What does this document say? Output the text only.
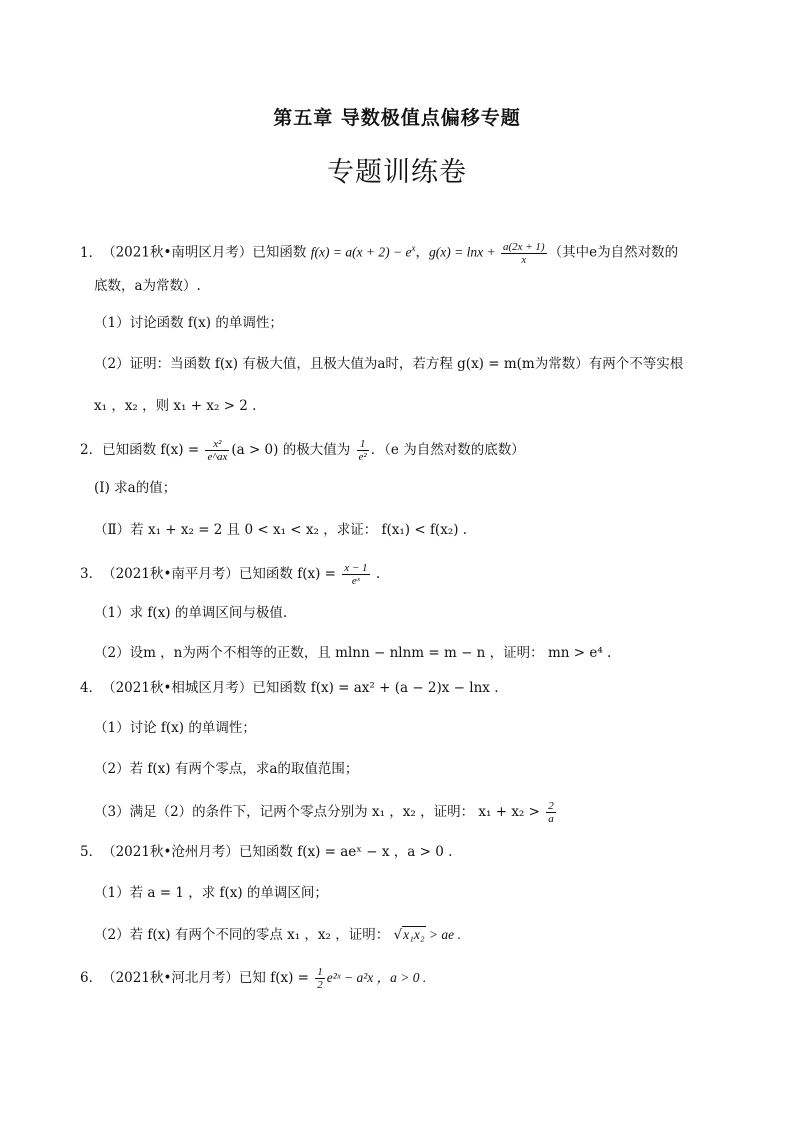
第五章 导数极值点偏移专题
专题训练卷
1．（2021秋•南明区月考）已知函数 $f(x) = a(x + 2) - e^x$，$g(x) = \ln x + \frac{a(2x + 1)}{x}$ （其中e为自然对数的
底数，a为常数）.
（1）讨论函数 f(x) 的单调性；
（2）证明：当函数 f(x) 有极大值，且极大值为a时，若方程 g(x) = m(m为常数）有两个不等实根
x₁ ，x₂ ，则 x₁ + x₂ > 2 .
2．已知函数 $f(x) = \frac{\text{x²}}{e\^{}ax} (a > 0)$ 的极大值为 $\frac{1}{\text{e²}}$ ．（e 为自然对数的底数）
(I) 求a的值；
（Ⅱ）若 x₁ + x₂ = 2 且 0 < x₁ < x₂ ，求证： f(x₁) < f(x₂) .
3．（2021秋•南平月考）已知函数 $f(x) = \frac{x - 1}{\text{eˣ}}$ .
（1）求 f(x) 的单调区间与极值.
（2）设m ，n为两个不相等的正数，且 mlnn − nlnm = m − n ，证明： mn > e⁴ .
4．（2021秋•相城区月考）已知函数 f(x) = ax² + (a − 2)x − lnx .
（1）讨论 f(x) 的单调性；
（2）若 f(x) 有两个零点，求a的取值范围；
（3）满足（2）的条件下，记两个零点分别为 x₁ ，x₂ ，证明： $x_1 + x_2 > \frac{2}{a}$
5．（2021秋•沧州月考）已知函数 f(x) = aeˣ − x ，a > 0 .
（1）若 a = 1 ，求 f(x) 的单调区间；
（2）若 f(x) 有两个不同的零点 x₁ ，x₂ ，证明： √x₁x₂ > ae .
6．（2021秋•河北月考）已知 $f(x) = \frac{1}{2}$ e²ˣ − a²x ，a > 0 .
